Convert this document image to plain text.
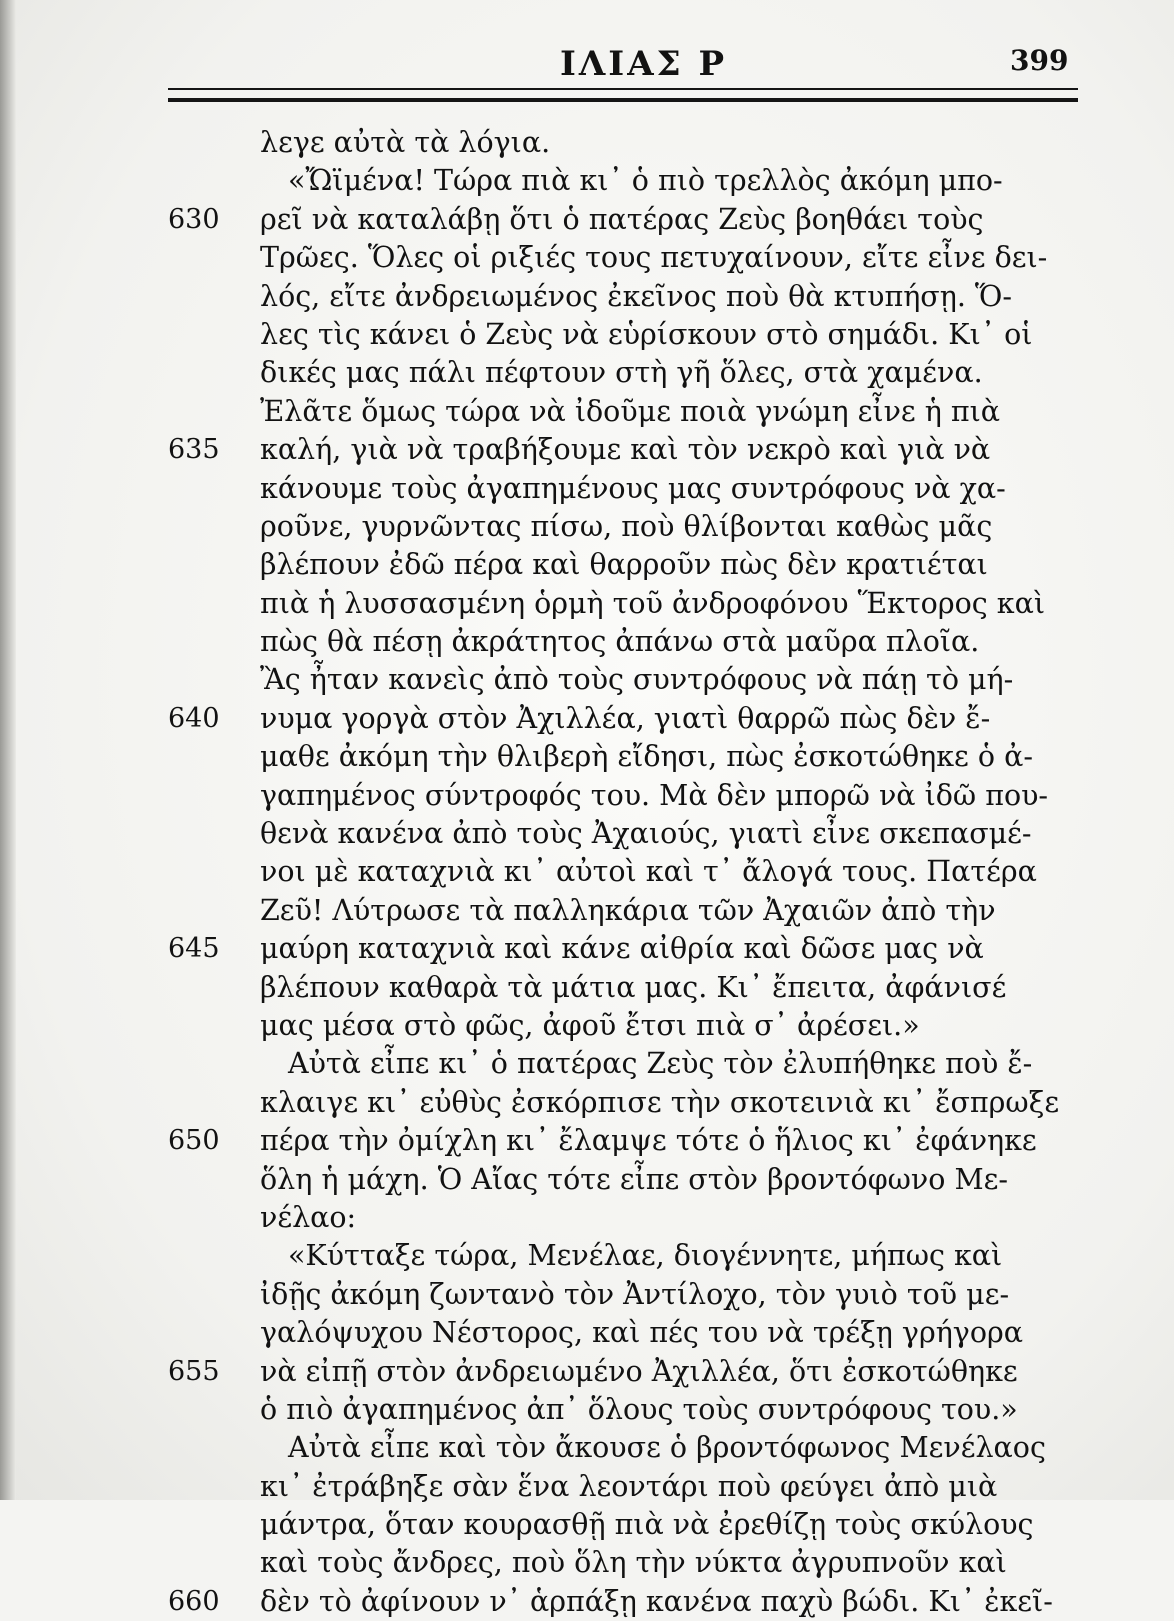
ΙΛΙΑΣ Ρ	399
λεγε αὐτὰ τὰ λόγια.
«Ὤϊμένα! Τώρα πιὰ κι᾽ ὁ πιὸ τρελλὸς ἀκόμη μπο-
630	ρεῖ νὰ καταλάβῃ ὅτι ὁ πατέρας Ζεὺς βοηθάει τοὺς
Τρῶες. Ὅλες οἱ ριξιές τους πετυχαίνουν, εἴτε εἶνε δει-
λός, εἴτε ἀνδρειωμένος ἐκεῖνος ποὺ θὰ κτυπήσῃ. Ὅ-
λες τὶς κάνει ὁ Ζεὺς νὰ εὑρίσκουν στὸ σημάδι. Κι᾽ οἱ
δικές μας πάλι πέφτουν στὴ γῆ ὅλες, στὰ χαμένα.
Ἐλᾶτε ὅμως τώρα νὰ ἰδοῦμε ποιὰ γνώμη εἶνε ἡ πιὰ
635	καλή, γιὰ νὰ τραβήξουμε καὶ τὸν νεκρὸ καὶ γιὰ νὰ
κάνουμε τοὺς ἀγαπημένους μας συντρόφους νὰ χα-
ροῦνε, γυρνῶντας πίσω, ποὺ θλίβονται καθὼς μᾶς
βλέπουν ἐδῶ πέρα καὶ θαρροῦν πὼς δὲν κρατιέται
πιὰ ἡ λυσσασμένη ὁρμὴ τοῦ ἀνδροφόνου Ἕκτορος καὶ
πὼς θὰ πέσῃ ἀκράτητος ἀπάνω στὰ μαῦρα πλοῖα.
Ἂς ἦταν κανεὶς ἀπὸ τοὺς συντρόφους νὰ πάῃ τὸ μή-
640	νυμα γοργὰ στὸν Ἀχιλλέα, γιατὶ θαρρῶ πὼς δὲν ἔ-
μαθε ἀκόμη τὴν θλιβερὴ εἴδησι, πὼς ἐσκοτώθηκε ὁ ἀ-
γαπημένος σύντροφός του. Μὰ δὲν μπορῶ νὰ ἰδῶ που-
θενὰ κανένα ἀπὸ τοὺς Ἀχαιούς, γιατὶ εἶνε σκεπασμέ-
νοι μὲ καταχνιὰ κι᾽ αὐτοὶ καὶ τ᾽ ἄλογά τους. Πατέρα
Ζεῦ! Λύτρωσε τὰ παλληκάρια τῶν Ἀχαιῶν ἀπὸ τὴν
645	μαύρη καταχνιὰ καὶ κάνε αἰθρία καὶ δῶσε μας νὰ
βλέπουν καθαρὰ τὰ μάτια μας. Κι᾽ ἔπειτα, ἀφάνισέ
μας μέσα στὸ φῶς, ἀφοῦ ἔτσι πιὰ σ᾽ ἀρέσει.»
Αὐτὰ εἶπε κι᾽ ὁ πατέρας Ζεὺς τὸν ἐλυπήθηκε ποὺ ἔ-
κλαιγε κι᾽ εὐθὺς ἐσκόρπισε τὴν σκοτεινιὰ κι᾽ ἔσπρωξε
650	πέρα τὴν ὀμίχλη κι᾽ ἔλαμψε τότε ὁ ἥλιος κι᾽ ἐφάνηκε
ὅλη ἡ μάχη. Ὁ Αἴας τότε εἶπε στὸν βροντόφωνο Με-
νέλαο:
«Κύτταξε τώρα, Μενέλαε, διογέννητε, μήπως καὶ
ἰδῇς ἀκόμη ζωντανὸ τὸν Ἀντίλοχο, τὸν γυιὸ τοῦ με-
γαλόψυχου Νέστορος, καὶ πές του νὰ τρέξῃ γρήγορα
655	νὰ εἰπῇ στὸν ἀνδρειωμένο Ἀχιλλέα, ὅτι ἐσκοτώθηκε
ὁ πιὸ ἀγαπημένος ἀπ᾽ ὅλους τοὺς συντρόφους του.»
Αὐτὰ εἶπε καὶ τὸν ἄκουσε ὁ βροντόφωνος Μενέλαος
κι᾽ ἐτράβηξε σὰν ἕνα λεοντάρι ποὺ φεύγει ἀπὸ μιὰ
μάντρα, ὅταν κουρασθῇ πιὰ νὰ ἐρεθίζῃ τοὺς σκύλους
καὶ τοὺς ἄνδρες, ποὺ ὅλη τὴν νύκτα ἀγρυπνοῦν καὶ
660	δὲν τὸ ἀφίνουν ν᾽ ἁρπάξῃ κανένα παχὺ βώδι. Κι᾽ ἐκεῖ-
